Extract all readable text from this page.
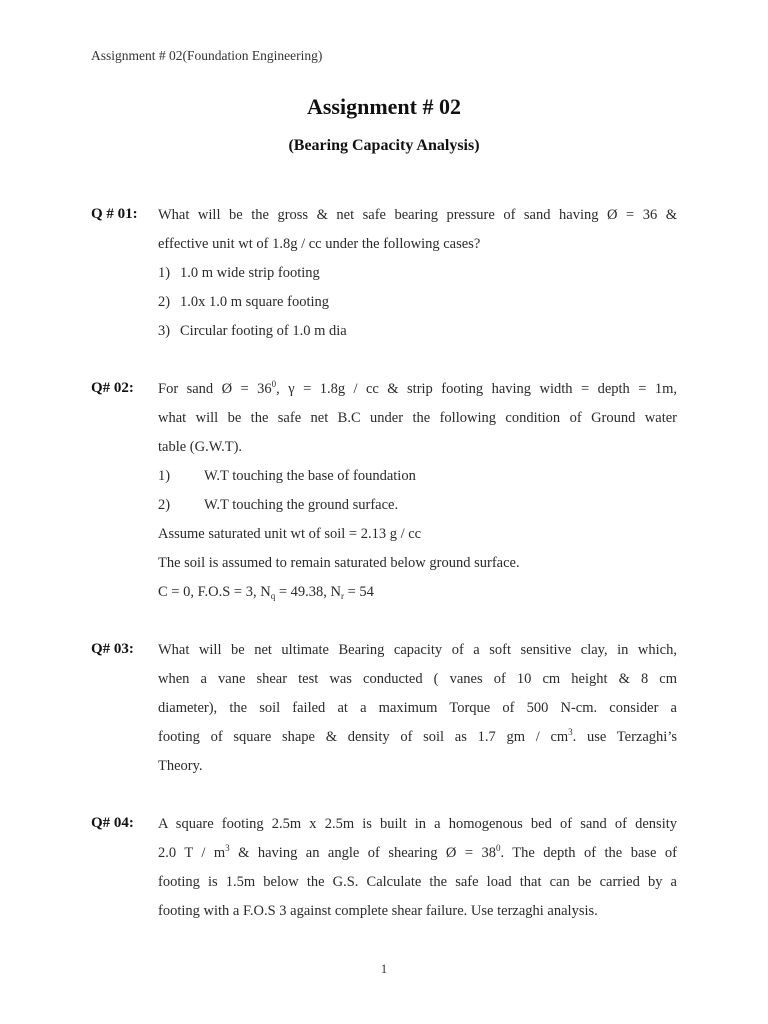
Assignment # 02(Foundation Engineering)
Assignment # 02
(Bearing Capacity Analysis)
Q # 01: What will be the gross & net safe bearing pressure of sand having Ø = 36 &
effective unit wt of 1.8g / cc under the following cases?
1) 1.0 m wide strip footing
2) 1.0x 1.0 m square footing
3) Circular footing of 1.0 m dia
Q# 02: For sand Ø = $36^0$, γ = 1.8g / cc & strip footing having width = depth = 1m,
what will be the safe net B.C under the following condition of Ground water
table (G.W.T).
1) W.T touching the base of foundation
2) W.T touching the ground surface.
Assume saturated unit wt of soil = 2.13 g / cc
The soil is assumed to remain saturated below ground surface.
C = 0, F.O.S = 3, $N_q = 49.38$, $N_r = 54$
Q# 03: What will be net ultimate Bearing capacity of a soft sensitive clay, in which,
when a vane shear test was conducted ( vanes of 10 cm height & 8 cm
diameter), the soil failed at a maximum Torque of 500 N-cm. consider a
footing of square shape & density of soil as 1.7 gm / $cm^3$. use Terzaghi’s
Theory.
Q# 04: A square footing 2.5m x 2.5m is built in a homogenous bed of sand of density
2.0 T / $m^3$ & having an angle of shearing Ø = $38^0$. The depth of the base of
footing is 1.5m below the G.S. Calculate the safe load that can be carried by a
footing with a F.O.S 3 against complete shear failure. Use terzaghi analysis.
1
